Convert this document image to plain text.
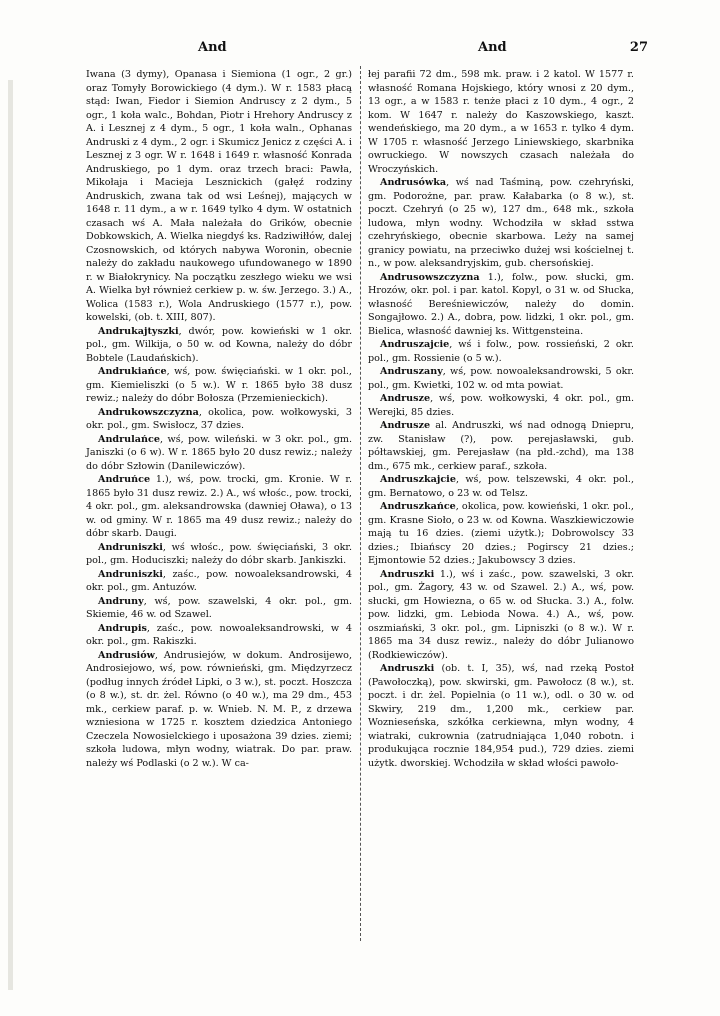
And	And	27

Iwana (3 dymy), Opanasa i Siemiona (1 ogr., 2 gr.) oraz Tomyły Borowickiego (4 dym.). W r. 1583 płacą stąd: Iwan, Fiedor i Siemion Andruscy z 2 dym., 5 ogr., 1 koła walc., Bohdan, Piotr i Hrehory Andruscy z A. i Lesznej z 4 dym., 5 ogr., 1 koła waln., Ophanas Andruski z 4 dym., 2 ogr. i Skumicz Jenicz z części A. i Lesznej z 3 ogr. W r. 1648 i 1649 r. własność Konrada Andruskiego, po 1 dym. oraz trzech braci: Pawła, Mikołaja i Macieja Lesznickich (gałęź rodziny Andruskich, zwana tak od wsi Leśnej), mających w 1648 r. 11 dym., a w r. 1649 tylko 4 dym. W ostatnich czasach wś A. Mała należała do Grików, obecnie Dobkowskich, A. Wielka niegdyś ks. Radziwiłłów, dalej Czosnowskich, od których nabywa Woronin, obecnie należy do zakładu naukowego ufundowanego w 1890 r. w Białokrynicy. Na początku zeszłego wieku we wsi A. Wielka był również cerkiew p. w. św. Jerzego. 3.) A., Wolica (1583 r.), Wola Andruskiego (1577 r.), pow. kowelski, (ob. t. XIII, 807).

Andrukajtyszki, dwór, pow. kowieński w 1 okr. pol., gm. Wilkija, o 50 w. od Kowna, należy do dóbr Bobtele (Laudańskich).

Andrukiańce, wś, pow. święciański. w 1 okr. pol., gm. Kiemieliszki (o 5 w.). W r. 1865 było 38 dusz rewiz.; należy do dóbr Bołosza (Przemienieckich).

Andrukowszczyzna, okolica, pow. wołkowyski, 3 okr. pol., gm. Swisłocz, 37 dzies.

Andrulańce, wś, pow. wileński. w 3 okr. pol., gm. Janiszki (o 6 w). W r. 1865 było 20 dusz rewiz.; należy do dóbr Szłowin (Danilewiczów).

Andruńce 1.), wś, pow. trocki, gm. Kronie. W r. 1865 było 31 dusz rewiz. 2.) A., wś włośc., pow. trocki, 4 okr. pol., gm. aleksandrowska (dawniej Oława), o 13 w. od gminy. W r. 1865 ma 49 dusz rewiz.; należy do dóbr skarb. Daugi.

Andruniszki, wś włośc., pow. święciański, 3 okr. pol., gm. Hoduciszki; należy do dóbr skarb. Jankiszki.

Andruniszki, zaśc., pow. nowoaleksandrowski, 4 okr. pol., gm. Antuzów.

Andruny, wś, pow. szawelski, 4 okr. pol., gm. Skiemie, 46 w. od Szawel.

Andrupis, zaśc., pow. nowoaleksandrowski, w 4 okr. pol., gm. Rakiszki.

Andrusiów, Andrusiejów, w dokum. Androsijewo, Androsiejowo, wś, pow. równieński, gm. Międzyrzecz (podług innych źródeł Lipki, o 3 w.), st. poczt. Hoszcza (o 8 w.), st. dr. żel. Równo (o 40 w.), ma 29 dm., 453 mk., cerkiew paraf. p. w. Wnieb. N. M. P., z drzewa wzniesiona w 1725 r. kosztem dziedzica Antoniego Czeczela Nowosielckiego i uposażona 39 dzies. ziemi; szkoła ludowa, młyn wodny, wiatrak. Do par. praw. należy wś Podlaski (o 2 w.). W ca-

łej parafii 72 dm., 598 mk. praw. i 2 katol. W 1577 r. własność Romana Hojskiego, który wnosi z 20 dym., 13 ogr., a w 1583 r. tenże płaci z 10 dym., 4 ogr., 2 kom. W 1647 r. należy do Kaszowskiego, kaszt. wendeńskiego, ma 20 dym., a w 1653 r. tylko 4 dym. W 1705 r. własność Jerzego Liniewskiego, skarbnika owruckiego. W nowszych czasach należała do Wroczyńskich.

Andrusówka, wś nad Taśminą, pow. czehryński, gm. Podorożne, par. praw. Kałabarka (o 8 w.), st. poczt. Czehryń (o 25 w), 127 dm., 648 mk., szkoła ludowa, młyn wodny. Wchodziła w skład sstwa czehryńskiego, obecnie skarbowa. Leży na samej granicy powiatu, na przeciwko dużej wsi kościelnej t. n., w pow. aleksandryjskim, gub. chersońskiej.

Andrusowszczyzna 1.), folw., pow. słucki, gm. Hrozów, okr. pol. i par. katol. Kopyl, o 31 w. od Słucka, własność Bereśniewiczów, należy do domin. Songajłowo. 2.) A., dobra, pow. lidzki, 1 okr. pol., gm. Bielica, własność dawniej ks. Wittgensteina.

Andruszajcie, wś i folw., pow. rossieński, 2 okr. pol., gm. Rossienie (o 5 w.).

Andruszany, wś, pow. nowoaleksandrowski, 5 okr. pol., gm. Kwietki, 102 w. od mta powiat.

Andrusze, wś, pow. wołkowyski, 4 okr. pol., gm. Werejki, 85 dzies.

Andrusze al. Andruszki, wś nad odnogą Dniepru, zw. Stanisław (?), pow. perejasławski, gub. półtawskiej, gm. Perejasław (na płd.-zchd), ma 138 dm., 675 mk., cerkiew paraf., szkoła.

Andruszkajcie, wś, pow. telszewski, 4 okr. pol., gm. Bernatowo, o 23 w. od Telsz.

Andruszkańce, okolica, pow. kowieński, 1 okr. pol., gm. Krasne Sioło, o 23 w. od Kowna. Waszkiewiczowie mają tu 16 dzies. (ziemi użytk.); Dobrowolscy 33 dzies.; Ibiańscy 20 dzies.; Pogirscy 21 dzies.; Ejmontowie 52 dzies.; Jakubowscy 3 dzies.

Andruszki 1.), wś i zaśc., pow. szawelski, 3 okr. pol., gm. Żagory, 43 w. od Szawel. 2.) A., wś, pow. słucki, gm Howiezna, o 65 w. od Słucka. 3.) A., folw. pow. lidzki, gm. Lebioda Nowa. 4.) A., wś, pow. oszmiański, 3 okr. pol., gm. Lipniszki (o 8 w.). W r. 1865 ma 34 dusz rewiz., należy do dóbr Julianowo (Rodkiewiczów).

Andruszki (ob. t. I, 35), wś, nad rzeką Postoł (Pawołoczką), pow. skwirski, gm. Pawołocz (8 w.), st. poczt. i dr. żel. Popielnia (o 11 w.), odl. o 30 w. od Skwiry, 219 dm., 1,200 mk., cerkiew par. Woznieseńska, szkółka cerkiewna, młyn wodny, 4 wiatraki, cukrownia (zatrudniająca 1,040 robotn. i produkująca rocznie 184,954 pud.), 729 dzies. ziemi użytk. dworskiej. Wchodziła w skład włości pawoło-
